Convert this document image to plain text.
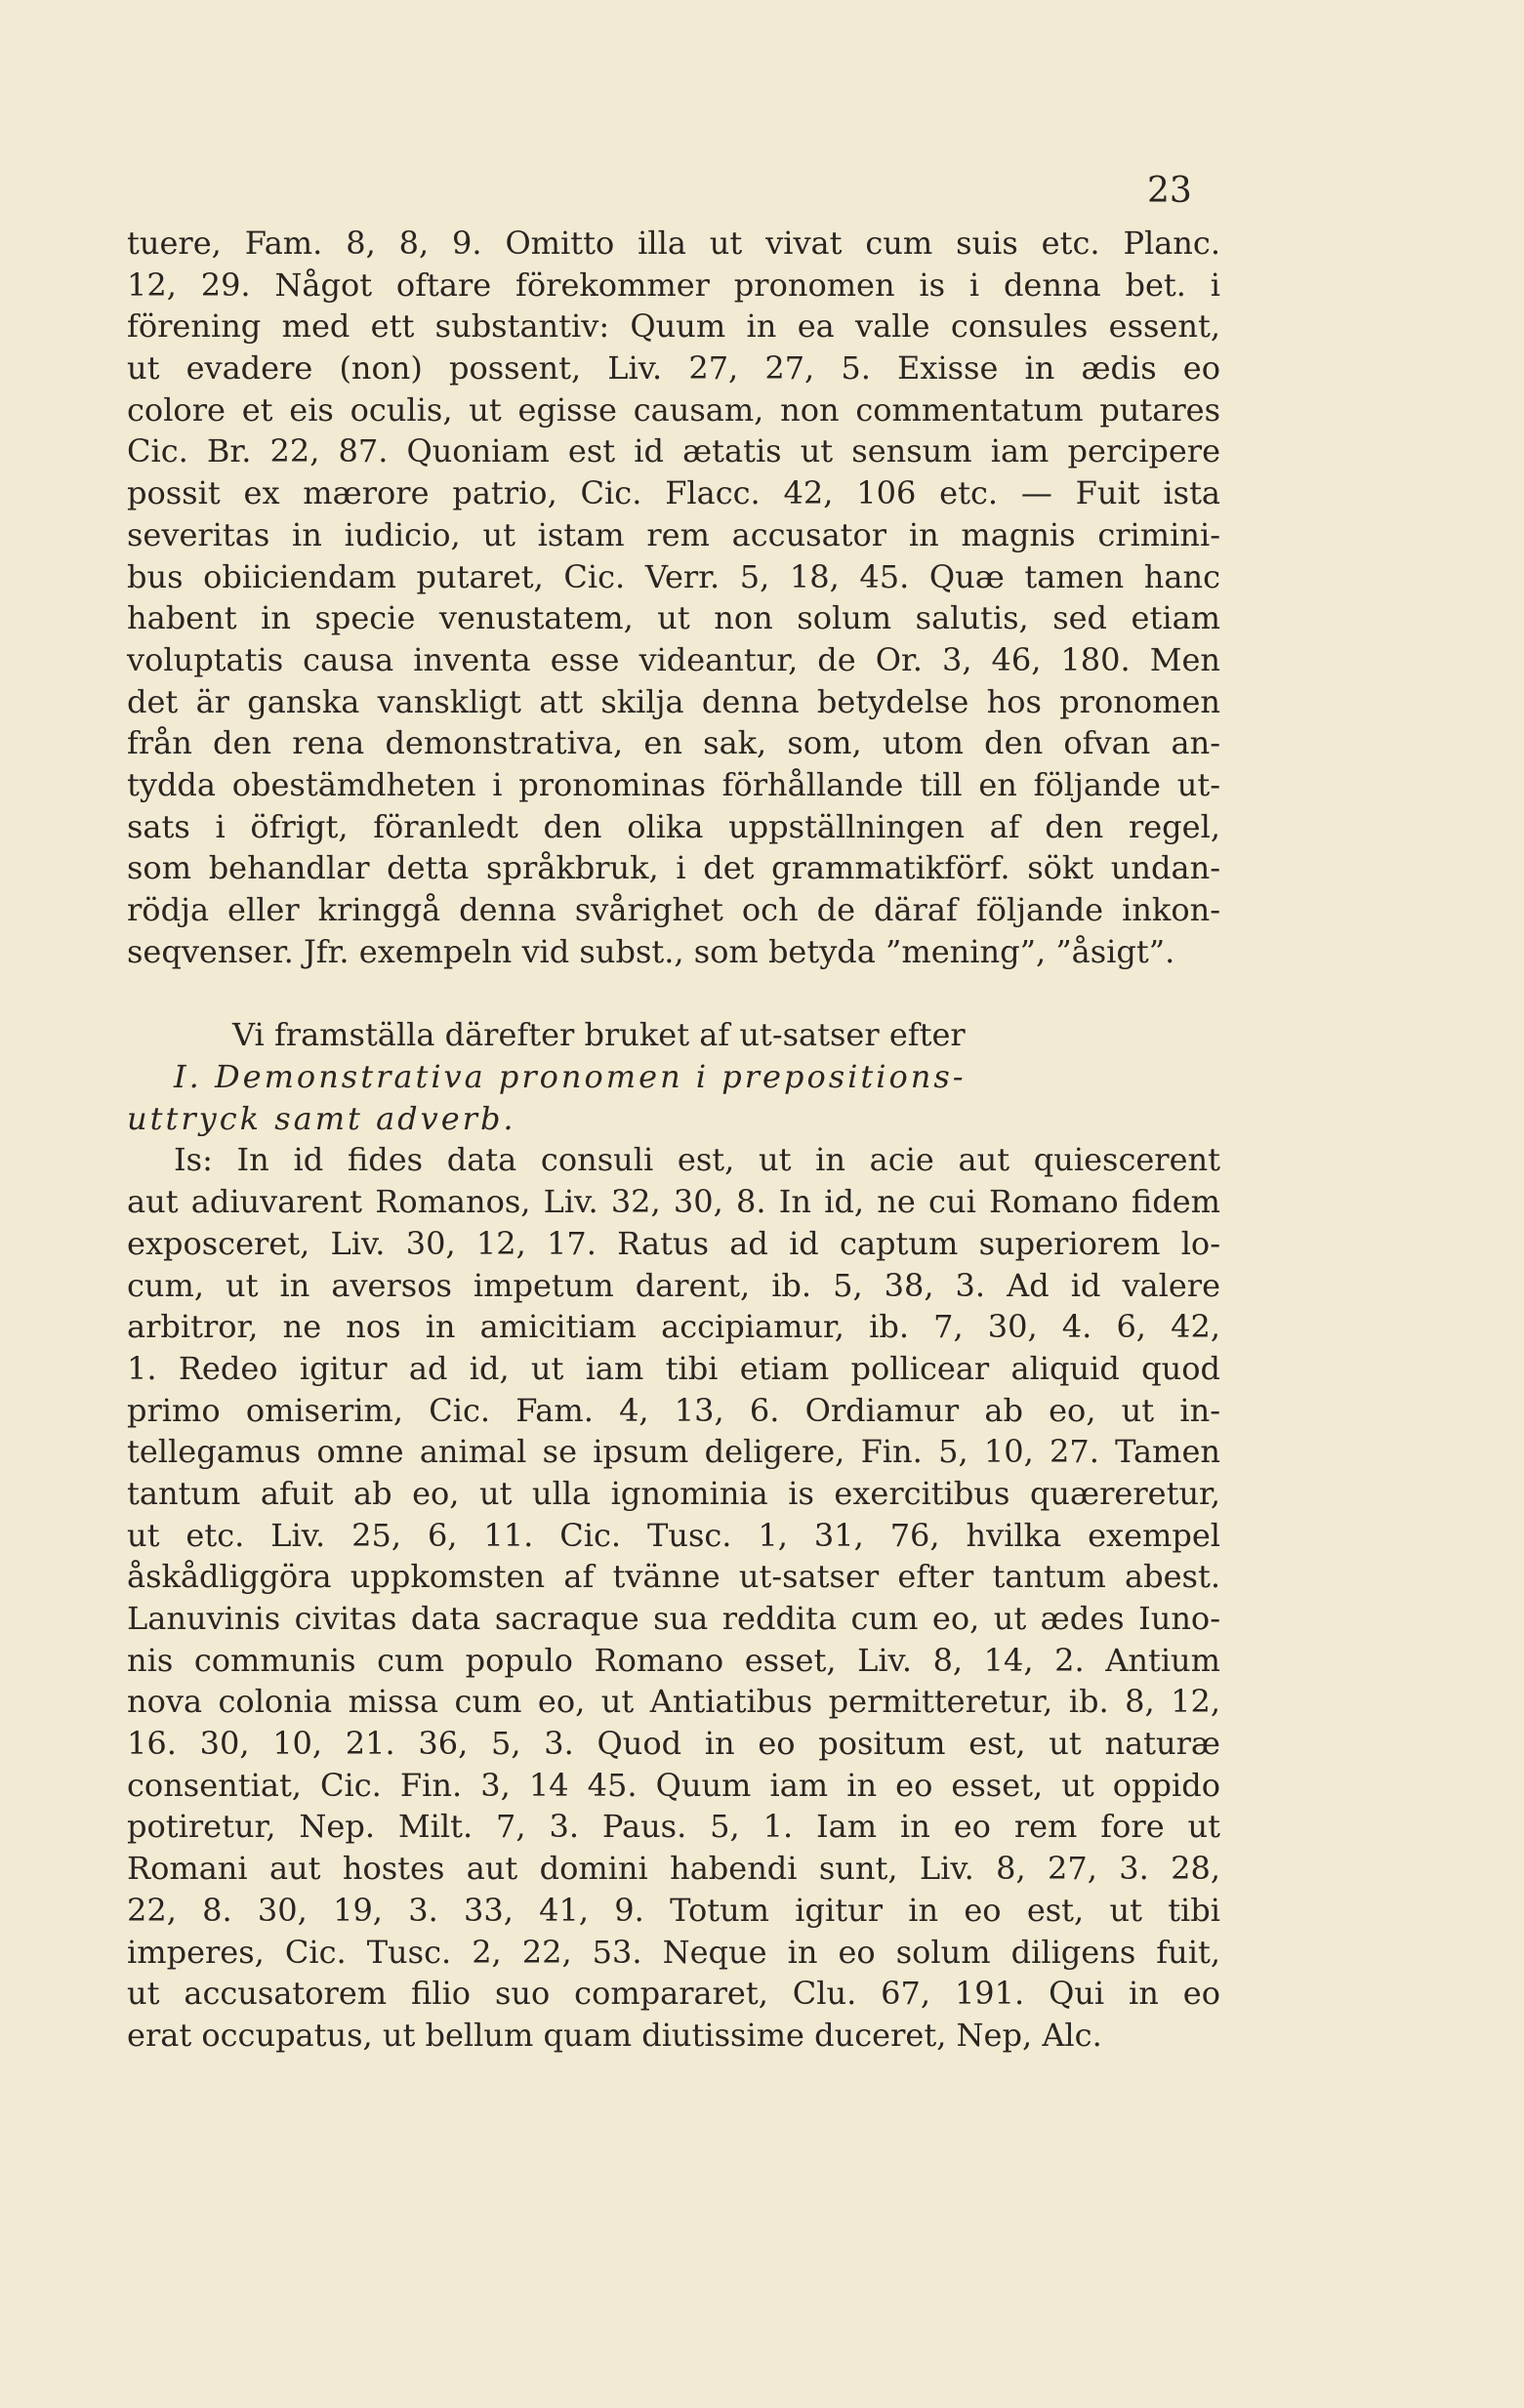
23
tuere, Fam. 8, 8, 9. Omitto illa ut vivat cum suis etc. Planc.
12, 29. Något oftare förekommer pronomen is i denna bet. i
förening med ett substantiv: Quum in ea valle consules essent,
ut evadere (non) possent, Liv. 27, 27, 5. Exisse in ædis eo
colore et eis oculis, ut egisse causam, non commentatum putares
Cic. Br. 22, 87. Quoniam est id ætatis ut sensum iam percipere
possit ex mærore patrio, Cic. Flacc. 42, 106 etc. — Fuit ista
severitas in iudicio, ut istam rem accusator in magnis crimini-
bus obiiciendam putaret, Cic. Verr. 5, 18, 45. Quæ tamen hanc
habent in specie venustatem, ut non solum salutis, sed etiam
voluptatis causa inventa esse videantur, de Or. 3, 46, 180. Men
det är ganska vanskligt att skilja denna betydelse hos pronomen
från den rena demonstrativa, en sak, som, utom den ofvan an-
tydda obestämdheten i pronominas förhållande till en följande ut-
sats i öfrigt, föranledt den olika uppställningen af den regel,
som behandlar detta språkbruk, i det grammatikförf. sökt undan-
rödja eller kringgå denna svårighet och de däraf följande inkon-
seqvenser. Jfr. exempeln vid subst., som betyda ”mening”, ”åsigt”.
Vi framställa därefter bruket af ut-satser efter
I. Demonstrativa pronomen i prepositions-
uttryck samt adverb.
Is: In id fides data consuli est, ut in acie aut quiescerent
aut adiuvarent Romanos, Liv. 32, 30, 8. In id, ne cui Romano fidem
exposceret, Liv. 30, 12, 17. Ratus ad id captum superiorem lo-
cum, ut in aversos impetum darent, ib. 5, 38, 3. Ad id valere
arbitror, ne nos in amicitiam accipiamur, ib. 7, 30, 4. 6, 42,
1. Redeo igitur ad id, ut iam tibi etiam pollicear aliquid quod
primo omiserim, Cic. Fam. 4, 13, 6. Ordiamur ab eo, ut in-
tellegamus omne animal se ipsum deligere, Fin. 5, 10, 27. Tamen
tantum afuit ab eo, ut ulla ignominia is exercitibus quæreretur,
ut etc. Liv. 25, 6, 11. Cic. Tusc. 1, 31, 76, hvilka exempel
åskådliggöra uppkomsten af tvänne ut-satser efter tantum abest.
Lanuvinis civitas data sacraque sua reddita cum eo, ut ædes Iuno-
nis communis cum populo Romano esset, Liv. 8, 14, 2. Antium
nova colonia missa cum eo, ut Antiatibus permitteretur, ib. 8, 12,
16. 30, 10, 21. 36, 5, 3. Quod in eo positum est, ut naturæ
consentiat, Cic. Fin. 3, 14 45. Quum iam in eo esset, ut oppido
potiretur, Nep. Milt. 7, 3. Paus. 5, 1. Iam in eo rem fore ut
Romani aut hostes aut domini habendi sunt, Liv. 8, 27, 3. 28,
22, 8. 30, 19, 3. 33, 41, 9. Totum igitur in eo est, ut tibi
imperes, Cic. Tusc. 2, 22, 53. Neque in eo solum diligens fuit,
ut accusatorem filio suo compararet, Clu. 67, 191. Qui in eo
erat occupatus, ut bellum quam diutissime duceret, Nep, Alc.
